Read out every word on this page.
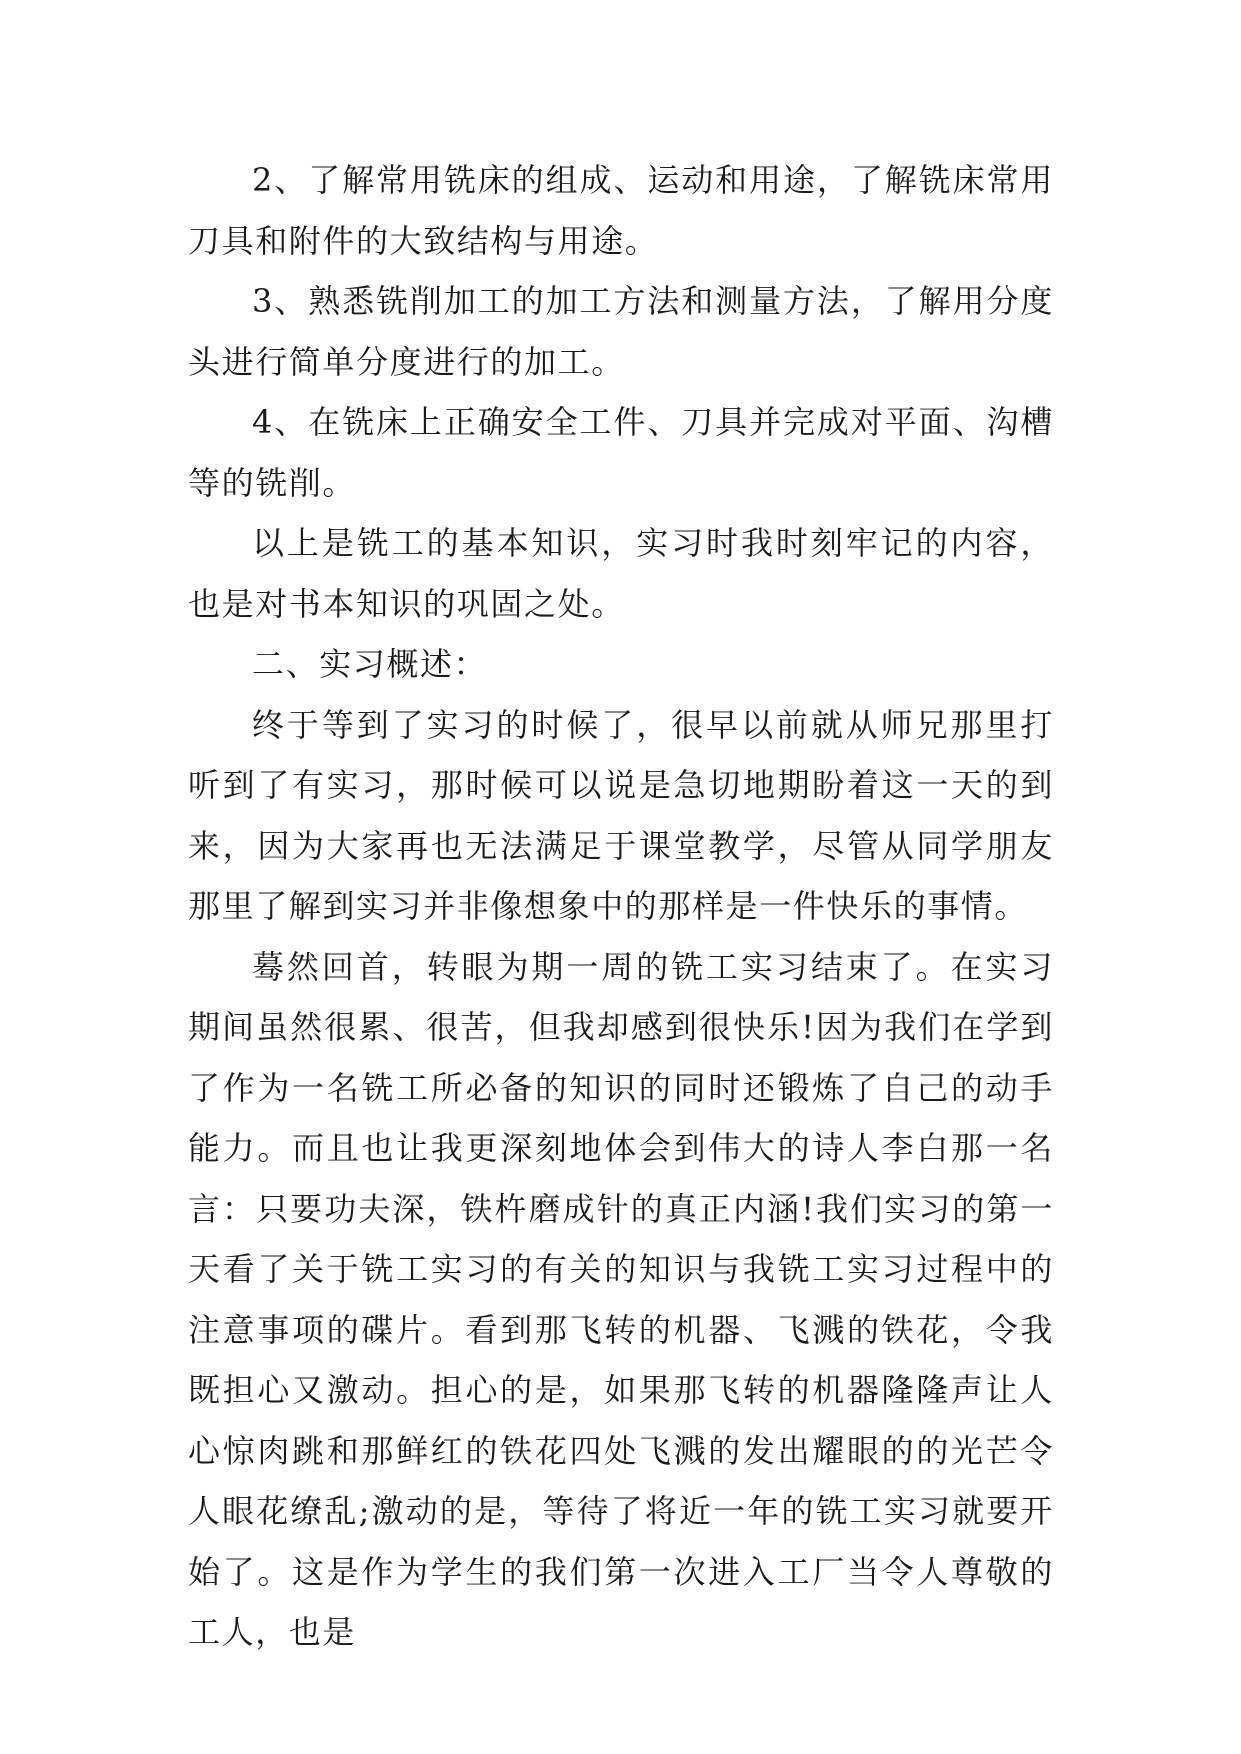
2、了解常用铣床的组成、运动和用途，了解铣床常用刀具和附件的大致结构与用途。

3、熟悉铣削加工的加工方法和测量方法，了解用分度头进行简单分度进行的加工。

4、在铣床上正确安全工件、刀具并完成对平面、沟槽等的铣削。

以上是铣工的基本知识，实习时我时刻牢记的内容，也是对书本知识的巩固之处。

二、实习概述：

终于等到了实习的时候了，很早以前就从师兄那里打听到了有实习，那时候可以说是急切地期盼着这一天的到来，因为大家再也无法满足于课堂教学，尽管从同学朋友那里了解到实习并非像想象中的那样是一件快乐的事情。

蓦然回首，转眼为期一周的铣工实习结束了。在实习期间虽然很累、很苦，但我却感到很快乐!因为我们在学到了作为一名铣工所必备的知识的同时还锻炼了自己的动手能力。而且也让我更深刻地体会到伟大的诗人李白那一名言：只要功夫深，铁杵磨成针的真正内涵!我们实习的第一天看了关于铣工实习的有关的知识与我铣工实习过程中的注意事项的碟片。看到那飞转的机器、飞溅的铁花，令我既担心又激动。担心的是，如果那飞转的机器隆隆声让人心惊肉跳和那鲜红的铁花四处飞溅的发出耀眼的的光芒令人眼花缭乱;激动的是，等待了将近一年的铣工实习就要开始了。这是作为学生的我们第一次进入工厂当令人尊敬的工人，也是
